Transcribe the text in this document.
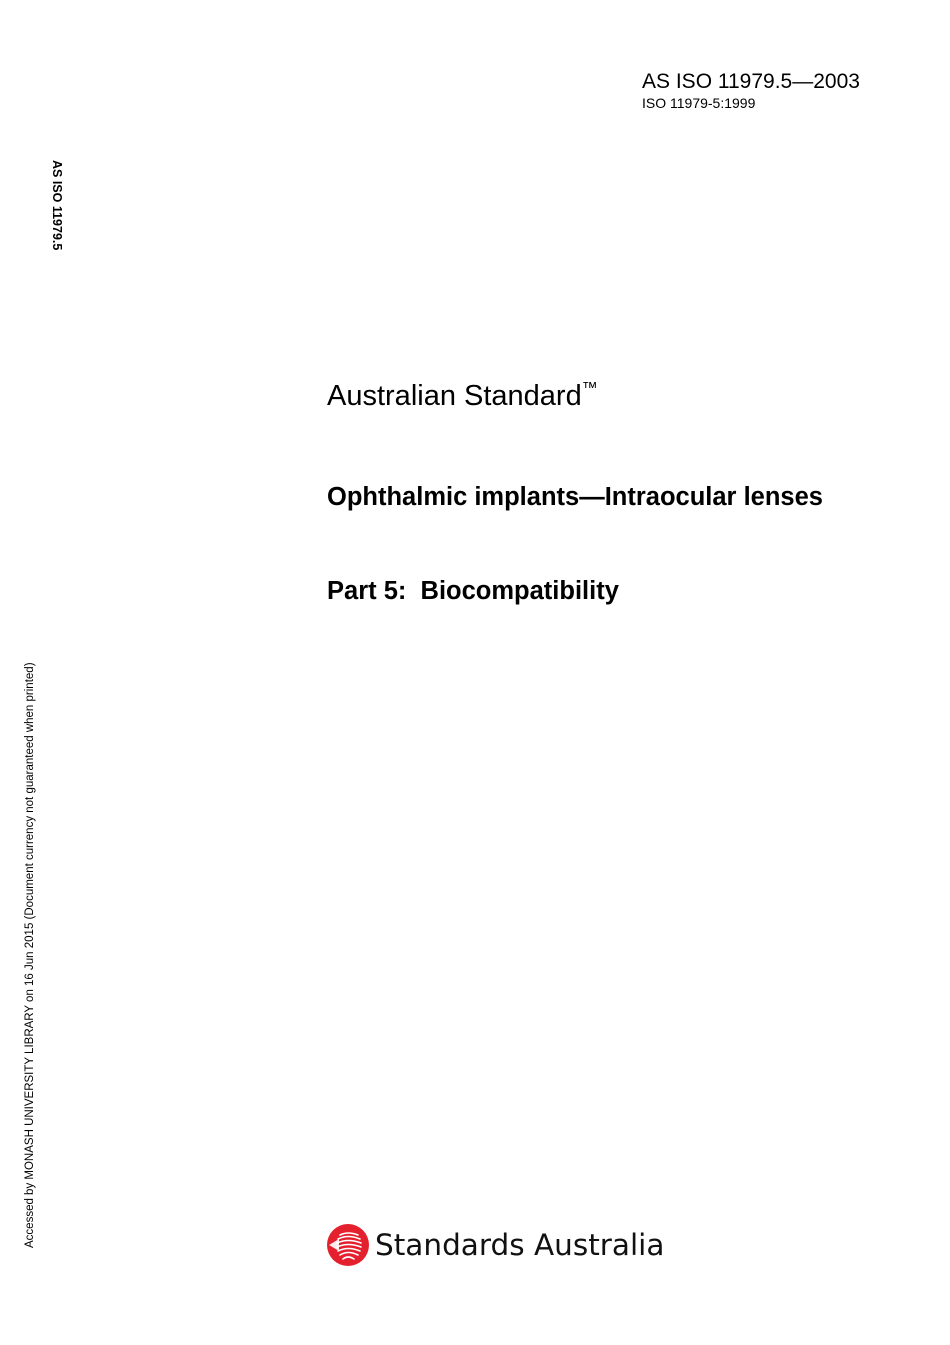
AS ISO 11979.5—2003
ISO 11979-5:1999
AS ISO 11979.5
Accessed by MONASH UNIVERSITY LIBRARY on 16 Jun 2015 (Document currency not guaranteed when printed)
Australian Standard™
Ophthalmic implants—Intraocular lenses
Part 5:  Biocompatibility
Standards Australia
